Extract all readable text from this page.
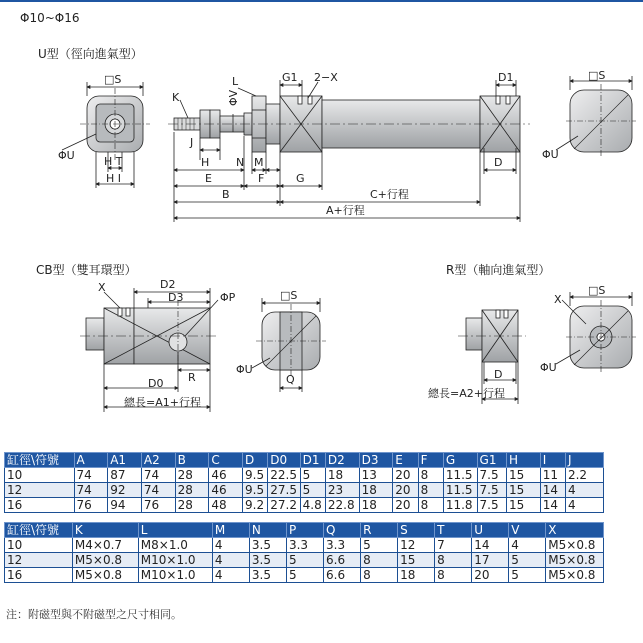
Φ10~Φ16
U型（徑向進氣型）
CB型（雙耳環型）	R型（軸向進氣型）
□S
ΦU	H T
H I
K
L
ΦV
J
H N M
E	F
B
G
G1 2−X	D1
D
C+行程
A+行程
□S
ΦU
X	D2
D3	ΦP
R
D0
總長=A1+行程
□S
ΦU
Q	D
總長=A2+行程
□S
X
ΦU
缸徑\符號	A	A1	A2	B	C	D	D0	D1	D2	D3	E	F	G	G1	H	I	J
10	74	87	74	28	46	9.5	22.5	5	18	13	20	8	11.5	7.5	15	11	2.2
12	74	92	74	28	46	9.5	27.5	5	23	18	20	8	11.5	7.5	15	14	4
16	76	94	76	28	48	9.2	27.2	4.8	22.8	18	20	8	11.8	7.5	15	14	4
缸徑\符號	K	L	M	N	P	Q	R	S	T	U	V	X
10	M4×0.7	M8×1.0	4	3.5	3.3	3.3	5	12	7	14	4	M5×0.8
12	M5×0.8	M10×1.0	4	3.5	5	6.6	8	15	8	17	5	M5×0.8
16	M5×0.8	M10×1.0	4	3.5	5	6.6	8	18	8	20	5	M5×0.8
注：附磁型與不附磁型之尺寸相同。
